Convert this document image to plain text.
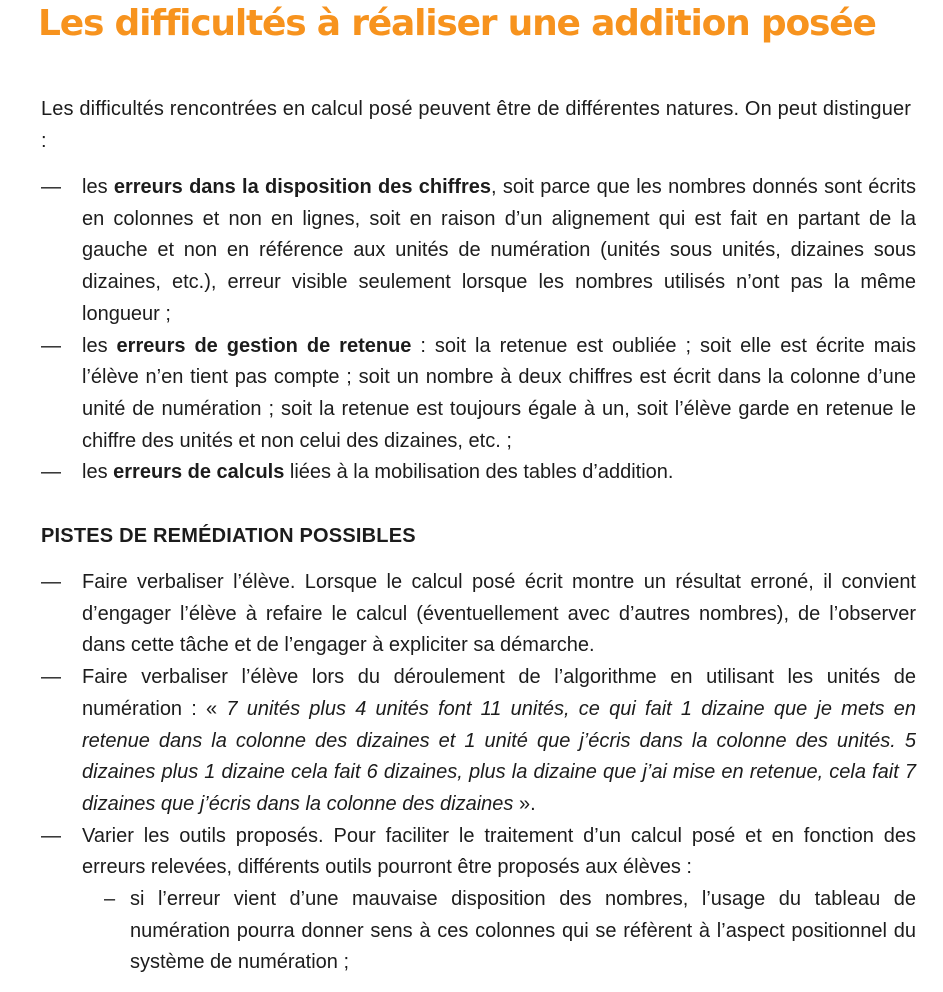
Les difficultés à réaliser une addition posée

Les difficultés rencontrées en calcul posé peuvent être de différentes natures. On peut distinguer :

—	les erreurs dans la disposition des chiffres, soit parce que les nombres donnés sont écrits en colonnes et non en lignes, soit en raison d’un alignement qui est fait en partant de la gauche et non en référence aux unités de numération (unités sous unités, dizaines sous dizaines, etc.), erreur visible seulement lorsque les nombres utilisés n’ont pas la même longueur ;
—	les erreurs de gestion de retenue : soit la retenue est oubliée ; soit elle est écrite mais l’élève n’en tient pas compte ; soit un nombre à deux chiffres est écrit dans la colonne d’une unité de numération ; soit la retenue est toujours égale à un, soit l’élève garde en retenue le chiffre des unités et non celui des dizaines, etc. ;
—	les erreurs de calculs liées à la mobilisation des tables d’addition.
PISTES DE REMÉDIATION POSSIBLES
—	Faire verbaliser l’élève. Lorsque le calcul posé écrit montre un résultat erroné, il convient d’engager l’élève à refaire le calcul (éventuellement avec d’autres nombres), de l’observer dans cette tâche et de l’engager à expliciter sa démarche.
—	Faire verbaliser l’élève lors du déroulement de l’algorithme en utilisant les unités de numération : « 7 unités plus 4 unités font 11 unités, ce qui fait 1 dizaine que je mets en retenue dans la colonne des dizaines et 1 unité que j’écris dans la colonne des unités. 5 dizaines plus 1 dizaine cela fait 6 dizaines, plus la dizaine que j’ai mise en retenue, cela fait 7 dizaines que j’écris dans la colonne des dizaines ».
—	Varier les outils proposés. Pour faciliter le traitement d’un calcul posé et en fonction des erreurs relevées, différents outils pourront être proposés aux élèves :
– si l’erreur vient d’une mauvaise disposition des nombres, l’usage du tableau de numération pourra donner sens à ces colonnes qui se réfèrent à l’aspect positionnel du système de numération ;
